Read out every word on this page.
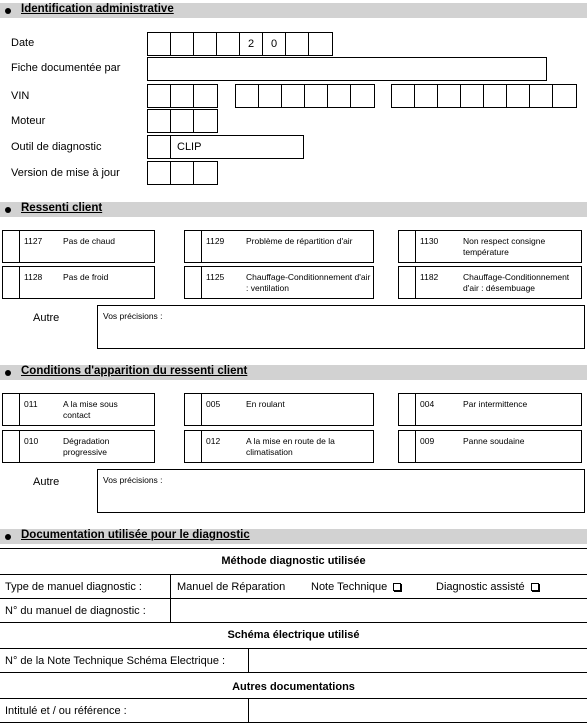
Identification administrative
Date	2	0
Fiche documentée par
VIN
Moteur
Outil de diagnostic	CLIP
Version de mise à jour
Ressenti client
1127 Pas de chaud	1129	Problème de répartition d'air	1130	Non respect consigne température
1128 Pas de froid	1125	Chauffage-Conditionnement d'air : ventilation
1182	Chauffage-Conditionnement d'air : désembuage
Autre	Vos précisions :
Conditions d'apparition du ressenti client
011	A la mise sous contact
005	En roulant	004	Par intermittence
010	Dégradation progressive
012	A la mise en route de la climatisation
009	Panne soudaine
Autre	Vos précisions :
Documentation utilisée pour le diagnostic
Méthode diagnostic utilisée
Type de manuel diagnostic :	Manuel de Réparation Note Technique	Diagnostic assisté
N° du manuel de diagnostic :
Schéma électrique utilisé
N° de la Note Technique Schéma Electrique :
Autres documentations
Intitulé et / ou référence :
